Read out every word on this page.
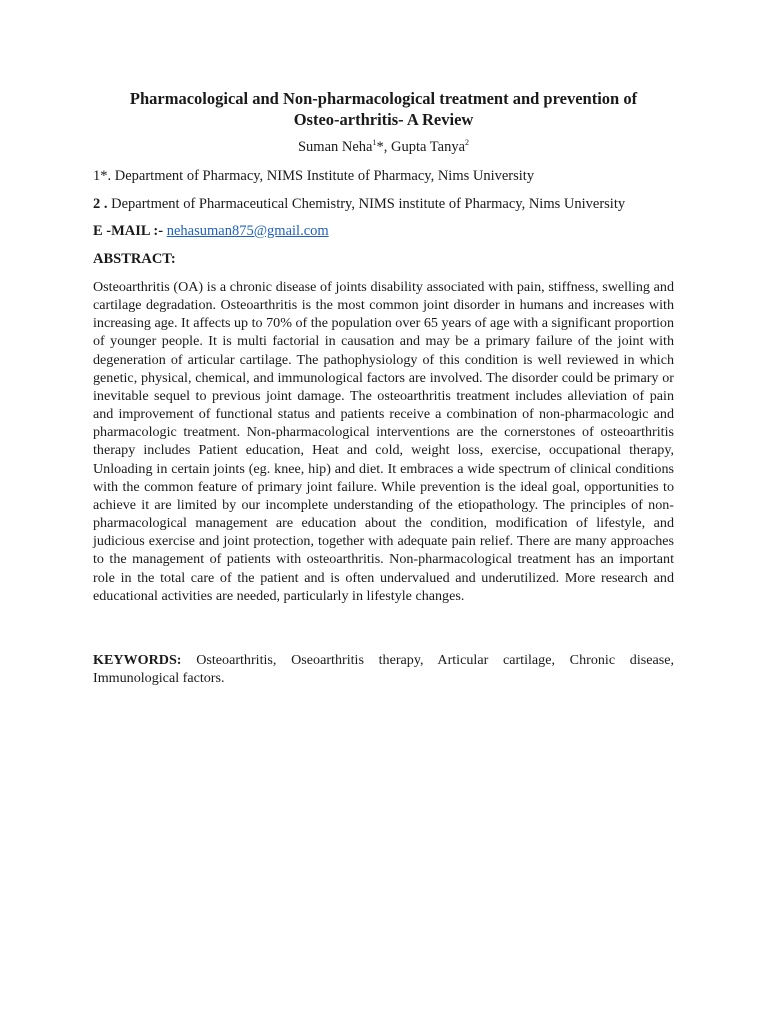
Pharmacological and Non-pharmacological treatment and prevention of
Osteo-arthritis- A Review
Suman Neha$^1$*, Gupta Tanya$^2$
1*. Department of Pharmacy, NIMS Institute of Pharmacy, Nims University
2 . Department of Pharmaceutical Chemistry, NIMS institute of Pharmacy, Nims University
E -MAIL :- nehasuman875@gmail.com
ABSTRACT:

Osteoarthritis (OA) is a chronic disease of joints disability associated with pain, stiffness, swelling and cartilage degradation. Osteoarthritis is the most common joint disorder in humans and increases with increasing age. It affects up to 70% of the population over 65 years of age with a significant proportion of younger people. It is multi factorial in causation and may be a primary failure of the joint with degeneration of articular cartilage. The pathophysiology of this condition is well reviewed in which genetic, physical, chemical, and immunological factors are involved. The disorder could be primary or inevitable sequel to previous joint damage. The osteoarthritis treatment includes alleviation of pain and improvement of functional status and patients receive a combination of non-pharmacologic and pharmacologic treatment. Non-pharmacological interventions are the cornerstones of osteoarthritis therapy includes Patient education, Heat and cold, weight loss, exercise, occupational therapy, Unloading in certain joints (eg. knee, hip) and diet. It embraces a wide spectrum of clinical conditions with the common feature of primary joint failure. While prevention is the ideal goal, opportunities to achieve it are limited by our incomplete understanding of the etiopathology. The principles of non-pharmacological management are education about the condition, modification of lifestyle, and judicious exercise and joint protection, together with adequate pain relief. There are many approaches to the management of patients with osteoarthritis. Non-pharmacological treatment has an important role in the total care of the patient and is often undervalued and underutilized. More research and educational activities are needed, particularly in lifestyle changes.

KEYWORDS: Osteoarthritis, Oseoarthritis therapy, Articular cartilage, Chronic disease, Immunological factors.
